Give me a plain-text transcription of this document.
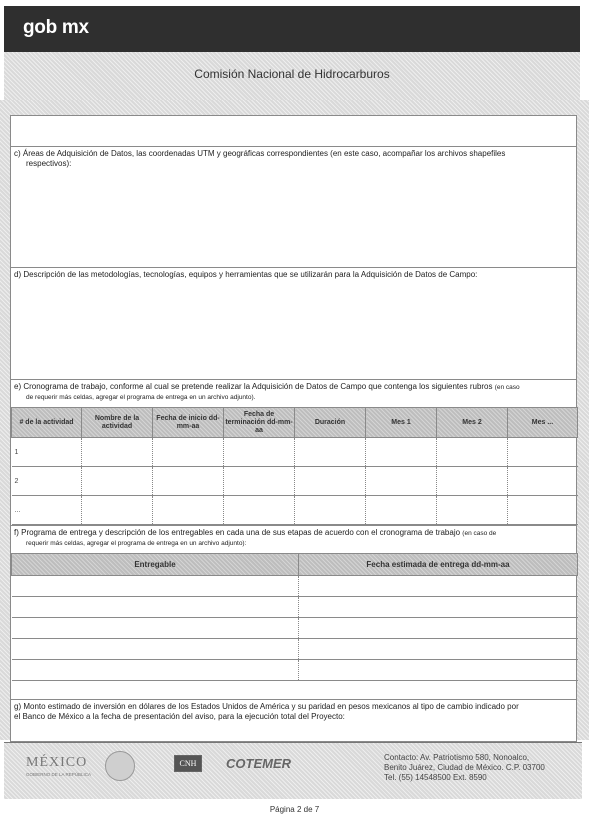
gob mx
Comisión Nacional de Hidrocarburos
c) Áreas de Adquisición de Datos, las coordenadas UTM y geográficas correspondientes (en este caso, acompañar los archivos shapefiles
respectivos):
d) Descripción de las metodologías, tecnologías, equipos y herramientas que se utilizarán para la Adquisición de Datos de Campo:
e) Cronograma de trabajo, conforme al cual se pretende realizar la Adquisición de Datos de Campo que contenga los siguientes rubros (en caso
de requerir más celdas, agregar el programa de entrega en un archivo adjunto).
# de la actividad	Nombre de la actividad	Fecha de inicio dd-mm-aa	Fecha de terminación dd-mm-aa	Duración	Mes 1	Mes 2	Mes ...
1							
2							
...							
f) Programa de entrega y descripción de los entregables en cada una de sus etapas de acuerdo con el cronograma de trabajo (en caso de
requerir más celdas, agregar el programa de entrega en un archivo adjunto):
Entregable	Fecha estimada de entrega dd-mm-aa

g) Monto estimado de inversión en dólares de los Estados Unidos de América y su paridad en pesos mexicanos al tipo de cambio indicado por
el Banco de México a la fecha de presentación del aviso, para la ejecución total del Proyecto:
MÉXICO
GOBIERNO DE LA REPÚBLICA
CNH	COTEMER	Contacto: Av. Patriotismo 580, Nonoalco,
Benito Juárez, Ciudad de México. C.P. 03700
Tel. (55) 14548500 Ext. 8590
Página 2 de 7
